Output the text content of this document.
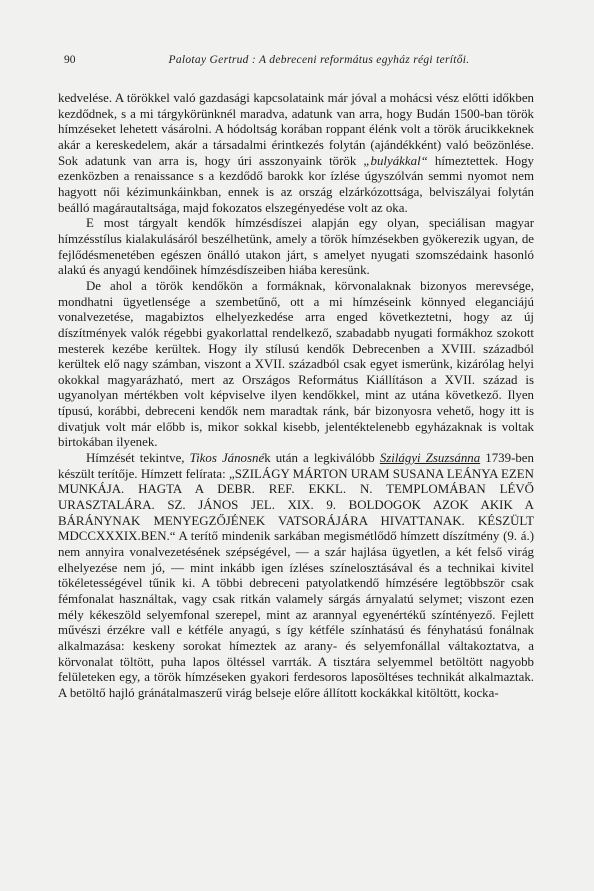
90	Palotay Gertrud : A debreceni református egyház régi terítői.

kedvelése. A törökkel való gazdasági kapcsolataink már jóval a mohácsi vész előtti időkben kezdődnek, s a mi tárgykörünknél maradva, adatunk van arra, hogy Budán 1500-ban török hímzéseket lehetett vásárolni. A hódoltság korában roppant élénk volt a török árucikkeknek akár a kereskedelem, akár a társadalmi érintkezés folytán (ajándékként) való beözönlése. Sok adatunk van arra is, hogy úri asszonyaink török „bulyákkal“ hímeztettek. Hogy ezenközben a renaissance s a kezdődő barokk kor ízlése úgyszólván semmi nyomot nem hagyott női kézimunkáinkban, ennek is az ország elzárkózottsága, belviszályai folytán beálló magárautaltsága, majd fokozatos elszegényedése volt az oka.

E most tárgyalt kendők hímzésdíszei alapján egy olyan, speciálisan magyar hímzésstílus kialakulásáról beszélhetünk, amely a török hímzésekben gyökerezik ugyan, de fejlődésmenetében egészen önálló utakon járt, s amelyet nyugati szomszédaink hasonló alakú és anyagú kendőinek hímzésdíszeiben hiába keresünk.

De ahol a török kendőkön a formáknak, körvonalaknak bizonyos merevsége, mondhatni ügyetlensége a szembetűnő, ott a mi hímzéseink könnyed eleganciájú vonalvezetése, magabiztos elhelyezkedése arra enged következtetni, hogy az új díszítmények valók régebbi gyakorlattal rendelkező, szabadabb nyugati formákhoz szokott mesterek kezébe kerültek. Hogy ily stílusú kendők Debrecenben a XVIII. századból kerültek elő nagy számban, viszont a XVII. századból csak egyet ismerünk, kizárólag helyi okokkal magyarázható, mert az Országos Református Kiállításon a XVII. század is ugyanolyan mértékben volt képviselve ilyen kendőkkel, mint az utána következő. Ilyen típusú, korábbi, debreceni kendők nem maradtak ránk, bár bizonyosra vehető, hogy itt is divatjuk volt már előbb is, mikor sokkal kisebb, jelentéktelenebb egyházaknak is voltak birtokában ilyenek.

Hímzését tekintve, Tikos Jánosnék után a legkiválóbb Szilágyi Zsuzsánna 1739-ben készült terítője. Hímzett felírata: „SZILÁGY MÁRTON URAM SUSANA LEÁNYA EZEN MUNKÁJA. HAGTA A DEBR. REF. EKKL. N. TEMPLOMÁBAN LÉVŐ URASZTALÁRA. SZ. JÁNOS JEL. XIX. 9. BOLDOGOK AZOK AKIK A BÁRÁNYNAK MENYEGZŐJÉNEK VATSORÁJÁRA HIVATTANAK. KÉSZÜLT MDCCXXXIX.BEN.“ A terítő mindenik sarkában megismétlődő hímzett díszítmény (9. á.) nem annyira vonalvezetésének szépségével, — a szár hajlása ügyetlen, a két felső virág elhelyezése nem jó, — mint inkább igen ízléses színelosztásával és a technikai kivitel tökéletességével tűnik ki. A többi debreceni patyolatkendő hímzésére legtöbbször csak fémfonalat használtak, vagy csak ritkán valamely sárgás árnyalatú selymet; viszont ezen mély kékeszöld selyemfonal szerepel, mint az arannyal egyenértékű színtényező. Fejlett művészi érzékre vall e kétféle anyagú, s így kétféle színhatású és fényhatású fonálnak alkalmazása: keskeny sorokat hímeztek az arany- és selyemfonállal váltakoztatva, a körvonalat töltött, puha lapos öltéssel varrták. A tisztára selyemmel betöltött nagyobb felületeken egy, a török hímzéseken gyakori ferdesoros laposöltéses technikát alkalmaztak. A betöltő hajló gránátalmaszerű virág belseje előre állított kockákkal kitöltött, kocka-
